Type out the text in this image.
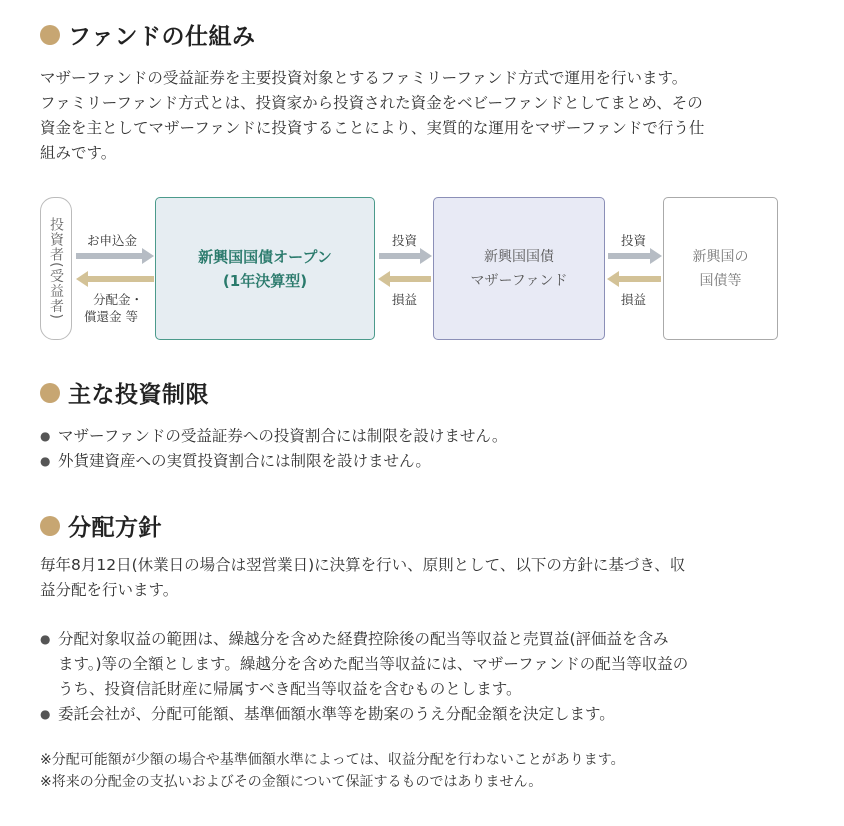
ファンドの仕組み
マザーファンドの受益証券を主要投資対象とするファミリーファンド方式で運用を行います。
ファミリーファンド方式とは、投資家から投資された資金をベビーファンドとしてまとめ、その
資金を主としてマザーファンドに投資することにより、実質的な運用をマザーファンドで行う仕
組みです。
投資者(受益者)	新興国国債オープン
(1年決算型)
新興国国債
マザーファンド
新興国の
国債等
お申込金
分配金・
償還金 等
投資
損益
投資
損益
主な投資制限
● マザーファンドの受益証券への投資割合には制限を設けません。
● 外貨建資産への実質投資割合には制限を設けません。
分配方針
毎年8月12日(休業日の場合は翌営業日)に決算を行い、原則として、以下の方針に基づき、収
益分配を行います。
● 分配対象収益の範囲は、繰越分を含めた経費控除後の配当等収益と売買益(評価益を含み
ます。)等の全額とします。繰越分を含めた配当等収益には、マザーファンドの配当等収益の
うち、投資信託財産に帰属すべき配当等収益を含むものとします。
● 委託会社が、分配可能額、基準価額水準等を勘案のうえ分配金額を決定します。
※分配可能額が少額の場合や基準価額水準によっては、収益分配を行わないことがあります。
※将来の分配金の支払いおよびその金額について保証するものではありません。
